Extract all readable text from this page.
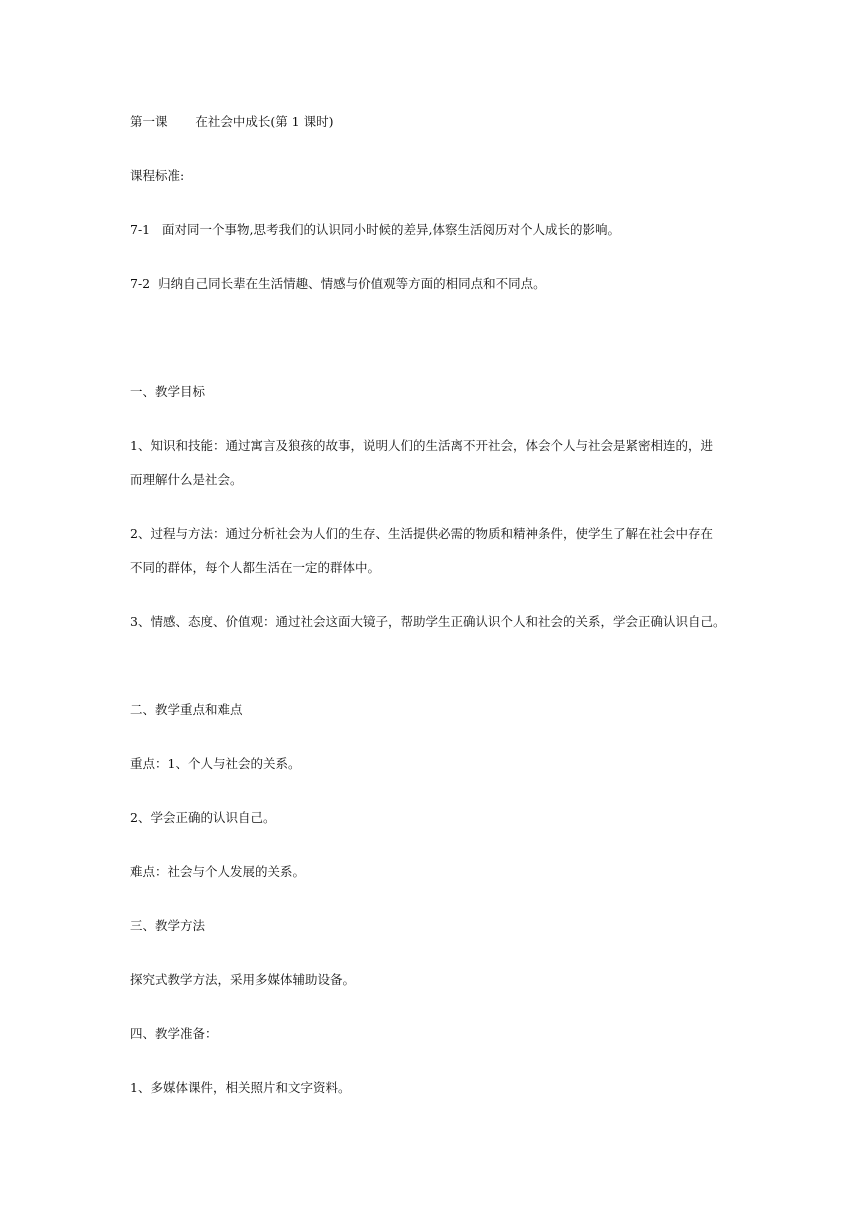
第一课       在社会中成长(第 1 课时)

课程标准:

7-1   面对同一个事物,思考我们的认识同小时候的差异,体察生活阅历对个人成长的影响。

7-2  归纳自己同长辈在生活情趣、情感与价值观等方面的相同点和不同点。

一、教学目标

1、知识和技能：通过寓言及狼孩的故事，说明人们的生活离不开社会，体会个人与社会是紧密相连的，进

而理解什么是社会。

2、过程与方法：通过分析社会为人们的生存、生活提供必需的物质和精神条件，使学生了解在社会中存在

不同的群体，每个人都生活在一定的群体中。

3、情感、态度、价值观：通过社会这面大镜子，帮助学生正确认识个人和社会的关系，学会正确认识自己。

二、教学重点和难点

重点：1、个人与社会的关系。

2、学会正确的认识自己。

难点：社会与个人发展的关系。

三、教学方法

探究式教学方法，采用多媒体辅助设备。

四、教学准备：

1、多媒体课件，相关照片和文字资料。
